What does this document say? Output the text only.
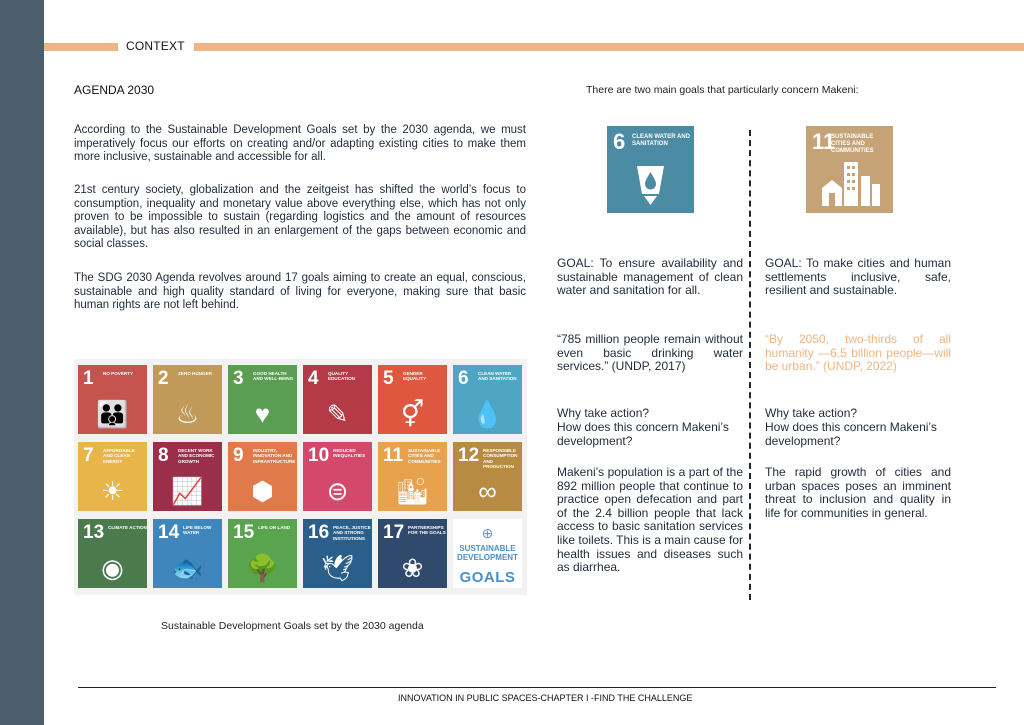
CONTEXT
AGENDA 2030
According to the Sustainable Development Goals set by the 2030 agenda, we must imperatively focus our efforts on creating and/or adapting existing cities to make them more inclusive, sustainable and accessible for all.
21st century society, globalization and the zeitgeist has shifted the world’s focus to consumption, inequality and monetary value above everything else, which has not only proven to be impossible to sustain (regarding logistics and the amount of resources available), but has also resulted in an enlargement of the gaps between economic and social classes.
The SDG 2030 Agenda revolves around 17 goals aiming to create an equal, conscious, sustainable and high quality standard of living for everyone, making sure that basic human rights are not left behind.
⊕
SUSTAINABLE
DEVELOPMENT
GOALS
1 NO POVERTY
👪
2 ZERO HUNGER
♨
3 GOOD HEALTH AND WELL-BEING
♥
4 QUALITY EDUCATION
✎
5 GENDER EQUALITY
⚥
6 CLEAN WATER AND SANITATION
💧
7 AFFORDABLE AND CLEAN ENERGY
☀
8 DECENT WORK AND ECONOMIC GROWTH
📈
9 INDUSTRY, INNOVATION AND INFRASTRUCTURE
⬢
10 REDUCED INEQUALITIES
⊜
11 SUSTAINABLE CITIES AND COMMUNITIES
🏙
12 RESPONSIBLE CONSUMPTION AND PRODUCTION
∞
13 CLIMATE ACTION
◉
14 LIFE BELOW WATER
🐟
15 LIFE ON LAND
🌳
16 PEACE, JUSTICE AND STRONG INSTITUTIONS
🕊
17 PARTNERSHIPS FOR THE GOALS
❀
Sustainable Development Goals set by the 2030 agenda
There are two main goals that particularly concern Makeni:
6 CLEAN WATER AND SANITATION	11
SUSTAINABLE CITIES AND COMMUNITIES
GOAL: To ensure availability and sustainable management of clean water and sanitation for all.
“785 million people remain without even basic drinking water services.” (UNDP, 2017)
Why take action?
How does this concern Makeni’s development?
Makeni’s population is a part of the 892 million people that continue to practice open defecation and part of the 2.4 billion people that lack access to basic sanitation services like toilets. This is a main cause for health issues and diseases such as diarrhea.
GOAL: To make cities and human settlements inclusive, safe, resilient and sustainable.
“By 2050, two-thirds of all humanity —6.5 billion people—will be urban.” (UNDP, 2022)
Why take action?
How does this concern Makeni’s development?
The rapid growth of cities and urban spaces poses an imminent threat to inclusion and quality in life for communities in general.
INNOVATION IN PUBLIC SPACES-CHAPTER I -FIND THE CHALLENGE
